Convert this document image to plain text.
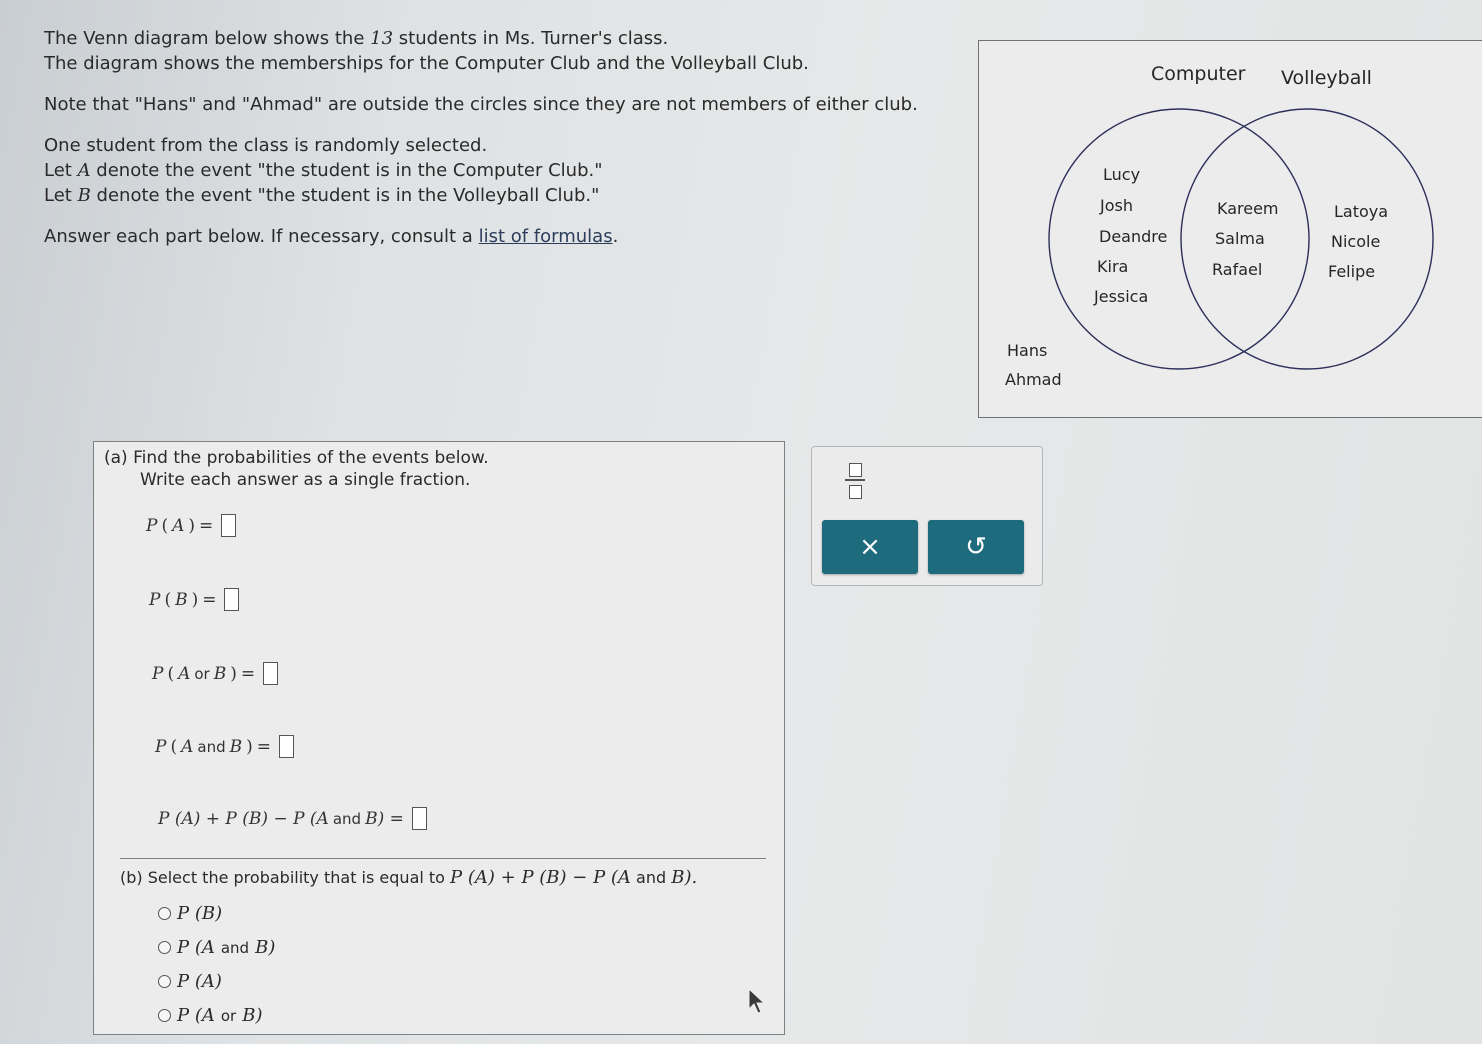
The Venn diagram below shows the 13 students in Ms. Turner's class.

The diagram shows the memberships for the Computer Club and the Volleyball Club.

Note that "Hans" and "Ahmad" are outside the circles since they are not members of either club.

One student from the class is randomly selected.

Let A denote the event "the student is in the Computer Club."

Let B denote the event "the student is in the Volleyball Club."

Answer each part below. If necessary, consult a list of formulas.

Computer Volleyball
Lucy
Josh
Deandre
Kira
Jessica
Kareem
Salma
Rafael
Latoya
Nicole
Felipe
Hans
Ahmad
(a) Find the probabilities of the events below.
Write each answer as a single fraction.
P ( A ) =
P ( B ) =
P ( A or B ) =
P ( A and B ) =
P (A) + P (B) − P (A and B) =
(b) Select the probability that is equal to P (A) + P (B) − P (A and B).
P (B)
P (A and B)
P (A)
P (A or B)
×	↺
